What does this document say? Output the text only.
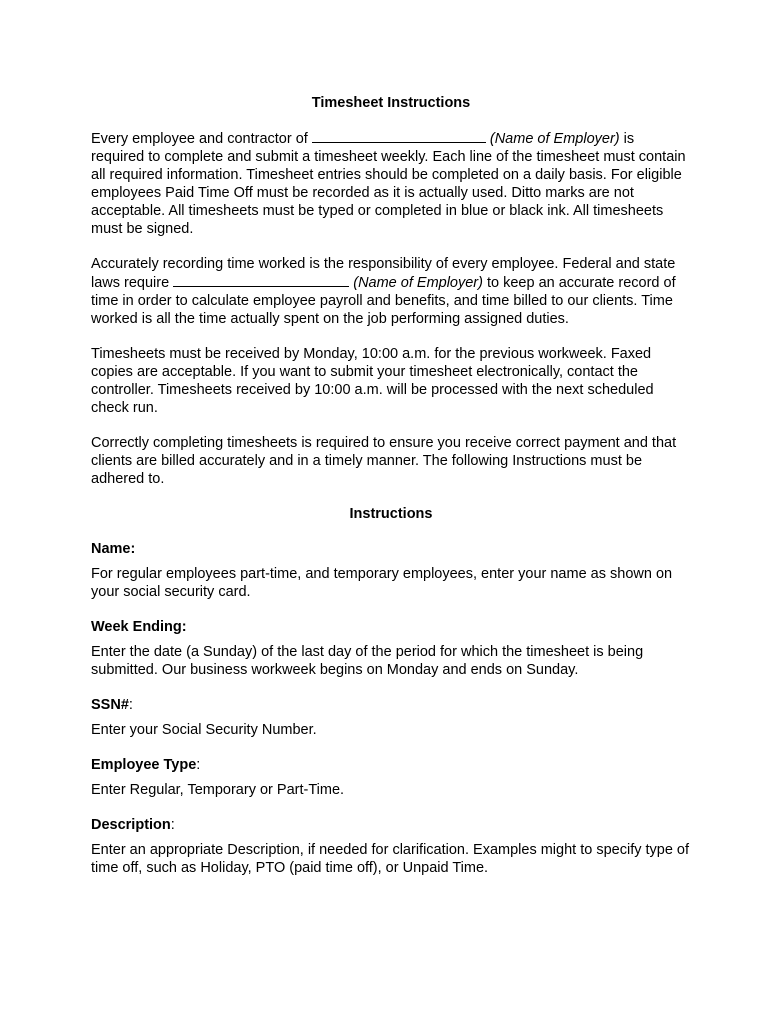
Timesheet Instructions

Every employee and contractor of	(Name of Employer) is required to complete and submit a timesheet weekly. Each line of the timesheet must contain all required information. Timesheet entries should be completed on a daily basis. For eligible employees Paid Time Off must be recorded as it is actually used. Ditto marks are not acceptable. All timesheets must be typed or completed in blue or black ink. All timesheets must be signed.

Accurately recording time worked is the responsibility of every employee. Federal and state laws require	(Name of Employer) to keep an accurate record of time in order to calculate employee payroll and benefits, and time billed to our clients. Time worked is all the time actually spent on the job performing assigned duties.

Timesheets must be received by Monday, 10:00 a.m. for the previous workweek. Faxed copies are acceptable. If you want to submit your timesheet electronically, contact the controller. Timesheets received by 10:00 a.m. will be processed with the next scheduled check run.

Correctly completing timesheets is required to ensure you receive correct payment and that clients are billed accurately and in a timely manner. The following Instructions must be adhered to.

Instructions
Name:
For regular employees part-time, and temporary employees, enter your name as shown on your social security card.
Week Ending:
Enter the date (a Sunday) of the last day of the period for which the timesheet is being submitted. Our business workweek begins on Monday and ends on Sunday.
SSN#:
Enter your Social Security Number.
Employee Type:
Enter Regular, Temporary or Part-Time.
Description:
Enter an appropriate Description, if needed for clarification. Examples might to specify type of time off, such as Holiday, PTO (paid time off), or Unpaid Time.
